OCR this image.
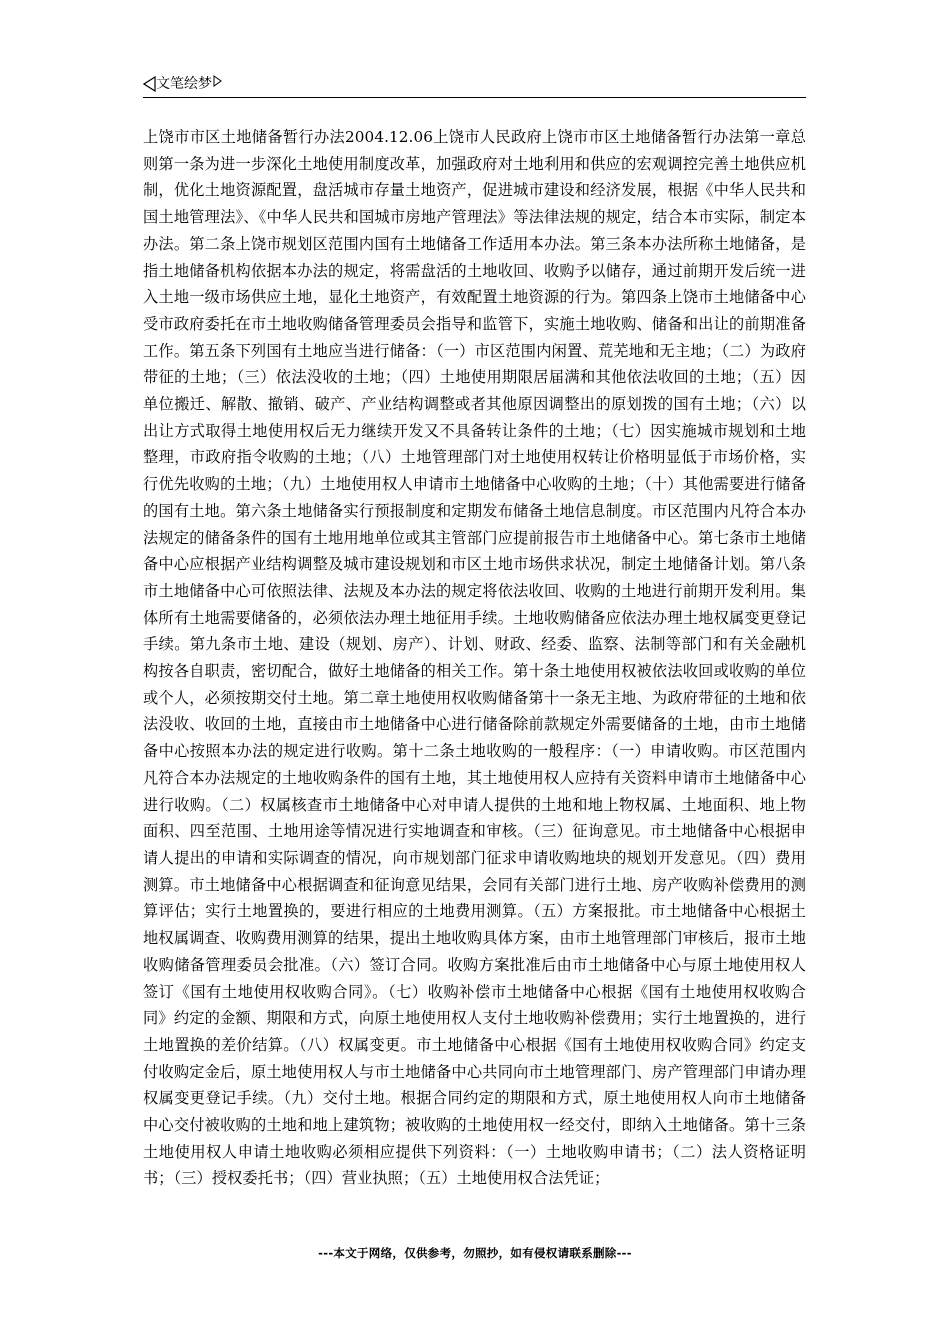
文笔绘梦
上饶市市区土地储备暂行办法2004.12.06上饶市人民政府上饶市市区土地储备暂行办法第一章总则第一条为进一步深化土地使用制度改革，加强政府对土地利用和供应的宏观调控完善土地供应机制，优化土地资源配置，盘活城市存量土地资产，促进城市建设和经济发展，根据《中华人民共和国土地管理法》、《中华人民共和国城市房地产管理法》等法律法规的规定，结合本市实际，制定本办法。第二条上饶市规划区范围内国有土地储备工作适用本办法。第三条本办法所称土地储备，是指土地储备机构依据本办法的规定，将需盘活的土地收回、收购予以储存，通过前期开发后统一进入土地一级市场供应土地，显化土地资产，有效配置土地资源的行为。第四条上饶市土地储备中心受市政府委托在市土地收购储备管理委员会指导和监管下，实施土地收购、储备和出让的前期准备工作。第五条下列国有土地应当进行储备：（一）市区范围内闲置、荒芜地和无主地；（二）为政府带征的土地；（三）依法没收的土地；（四）土地使用期限居届满和其他依法收回的土地；（五）因单位搬迁、解散、撤销、破产、产业结构调整或者其他原因调整出的原划拨的国有土地；（六）以出让方式取得土地使用权后无力继续开发又不具备转让条件的土地；（七）因实施城市规划和土地整理，市政府指令收购的土地；（八）土地管理部门对土地使用权转让价格明显低于市场价格，实行优先收购的土地；（九）土地使用权人申请市土地储备中心收购的土地；（十）其他需要进行储备的国有土地。第六条土地储备实行预报制度和定期发布储备土地信息制度。市区范围内凡符合本办法规定的储备条件的国有土地用地单位或其主管部门应提前报告市土地储备中心。第七条市土地储备中心应根据产业结构调整及城市建设规划和市区土地市场供求状况，制定土地储备计划。第八条市土地储备中心可依照法律、法规及本办法的规定将依法收回、收购的土地进行前期开发利用。集体所有土地需要储备的，必须依法办理土地征用手续。土地收购储备应依法办理土地权属变更登记手续。第九条市土地、建设（规划、房产）、计划、财政、经委、监察、法制等部门和有关金融机构按各自职责，密切配合，做好土地储备的相关工作。第十条土地使用权被依法收回或收购的单位或个人，必须按期交付土地。第二章土地使用权收购储备第十一条无主地、为政府带征的土地和依法没收、收回的土地，直接由市土地储备中心进行储备除前款规定外需要储备的土地，由市土地储备中心按照本办法的规定进行收购。第十二条土地收购的一般程序：（一）申请收购。市区范围内凡符合本办法规定的土地收购条件的国有土地，其土地使用权人应持有关资料申请市土地储备中心进行收购。（二）权属核查市土地储备中心对申请人提供的土地和地上物权属、土地面积、地上物面积、四至范围、土地用途等情况进行实地调查和审核。（三）征询意见。市土地储备中心根据申请人提出的申请和实际调查的情况，向市规划部门征求申请收购地块的规划开发意见。（四）费用测算。市土地储备中心根据调查和征询意见结果，会同有关部门进行土地、房产收购补偿费用的测算评估；实行土地置换的，要进行相应的土地费用测算。（五）方案报批。市土地储备中心根据土地权属调查、收购费用测算的结果，提出土地收购具体方案，由市土地管理部门审核后，报市土地收购储备管理委员会批准。（六）签订合同。收购方案批准后由市土地储备中心与原土地使用权人签订《国有土地使用权收购合同》。（七）收购补偿市土地储备中心根据《国有土地使用权收购合同》约定的金额、期限和方式，向原土地使用权人支付土地收购补偿费用；实行土地置换的，进行土地置换的差价结算。（八）权属变更。市土地储备中心根据《国有土地使用权收购合同》约定支付收购定金后，原土地使用权人与市土地储备中心共同向市土地管理部门、房产管理部门申请办理权属变更登记手续。（九）交付土地。根据合同约定的期限和方式，原土地使用权人向市土地储备中心交付被收购的土地和地上建筑物；被收购的土地使用权一经交付，即纳入土地储备。第十三条土地使用权人申请土地收购必须相应提供下列资料：（一）土地收购申请书；（二）法人资格证明书；（三）授权委托书；（四）营业执照；（五）土地使用权合法凭证；
---本文于网络，仅供参考，勿照抄，如有侵权请联系删除---
